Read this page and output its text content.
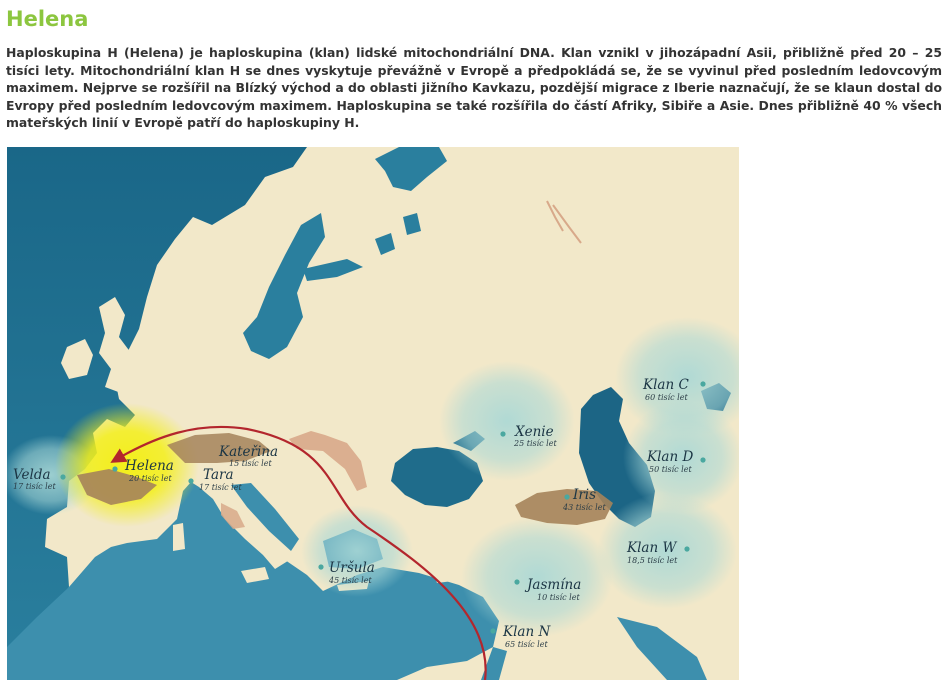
Helena

Haploskupina H (Helena) je haploskupina (klan) lidské mitochondriální DNA. Klan vznikl v jihozápadní Asii, přibližně před 20 – 25 tisíci lety. Mitochondriální klan H se dnes vyskytuje převážně v Evropě a předpokládá se, že se vyvinul před posledním ledovcovým maximem. Nejprve se rozšířil na Blízký východ a do oblasti jižního Kavkazu, pozdější migrace z Iberie naznačují, že se klaun dostal do Evropy před posledním ledovcovým maximem. Haploskupina se také rozšířila do částí Afriky, Sibiře a Asie. Dnes přibližně 40 % všech mateřských linií v Evropě patří do haploskupiny H.

Velda
17 tisíc let
Helena
20 tisíc let
Kateřina
15 tisíc let
Tara
17 tisíc let
Uršula
45 tisíc let
Xenie
25 tisíc let
Iris
43 tisíc let
Jasmína
10 tisíc let
Klan N
65 tisíc let
Klan C
60 tisíc let
Klan D
50 tisíc let
Klan W
18,5 tisíc let
